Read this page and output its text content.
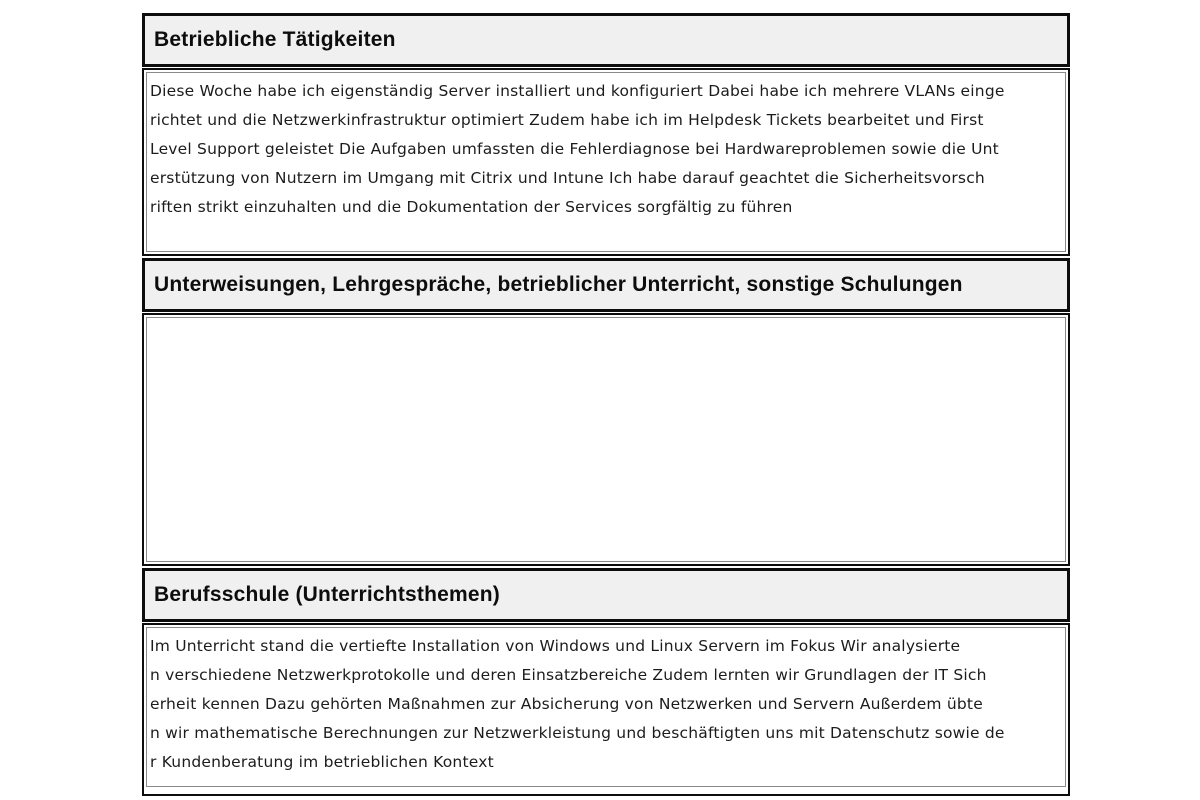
Betriebliche Tätigkeiten
Diese Woche habe ich eigenständig Server installiert und konfiguriert Dabei habe ich mehrere VLANs einge
richtet und die Netzwerkinfrastruktur optimiert Zudem habe ich im Helpdesk Tickets bearbeitet und First
Level Support geleistet Die Aufgaben umfassten die Fehlerdiagnose bei Hardwareproblemen sowie die Unt
erstützung von Nutzern im Umgang mit Citrix und Intune Ich habe darauf geachtet die Sicherheitsvorsch
riften strikt einzuhalten und die Dokumentation der Services sorgfältig zu führen
Unterweisungen, Lehrgespräche, betrieblicher Unterricht, sonstige Schulungen
Berufsschule (Unterrichtsthemen)
Im Unterricht stand die vertiefte Installation von Windows und Linux Servern im Fokus Wir analysierte
n verschiedene Netzwerkprotokolle und deren Einsatzbereiche Zudem lernten wir Grundlagen der IT Sich
erheit kennen Dazu gehörten Maßnahmen zur Absicherung von Netzwerken und Servern Außerdem übte
n wir mathematische Berechnungen zur Netzwerkleistung und beschäftigten uns mit Datenschutz sowie de
r Kundenberatung im betrieblichen Kontext
